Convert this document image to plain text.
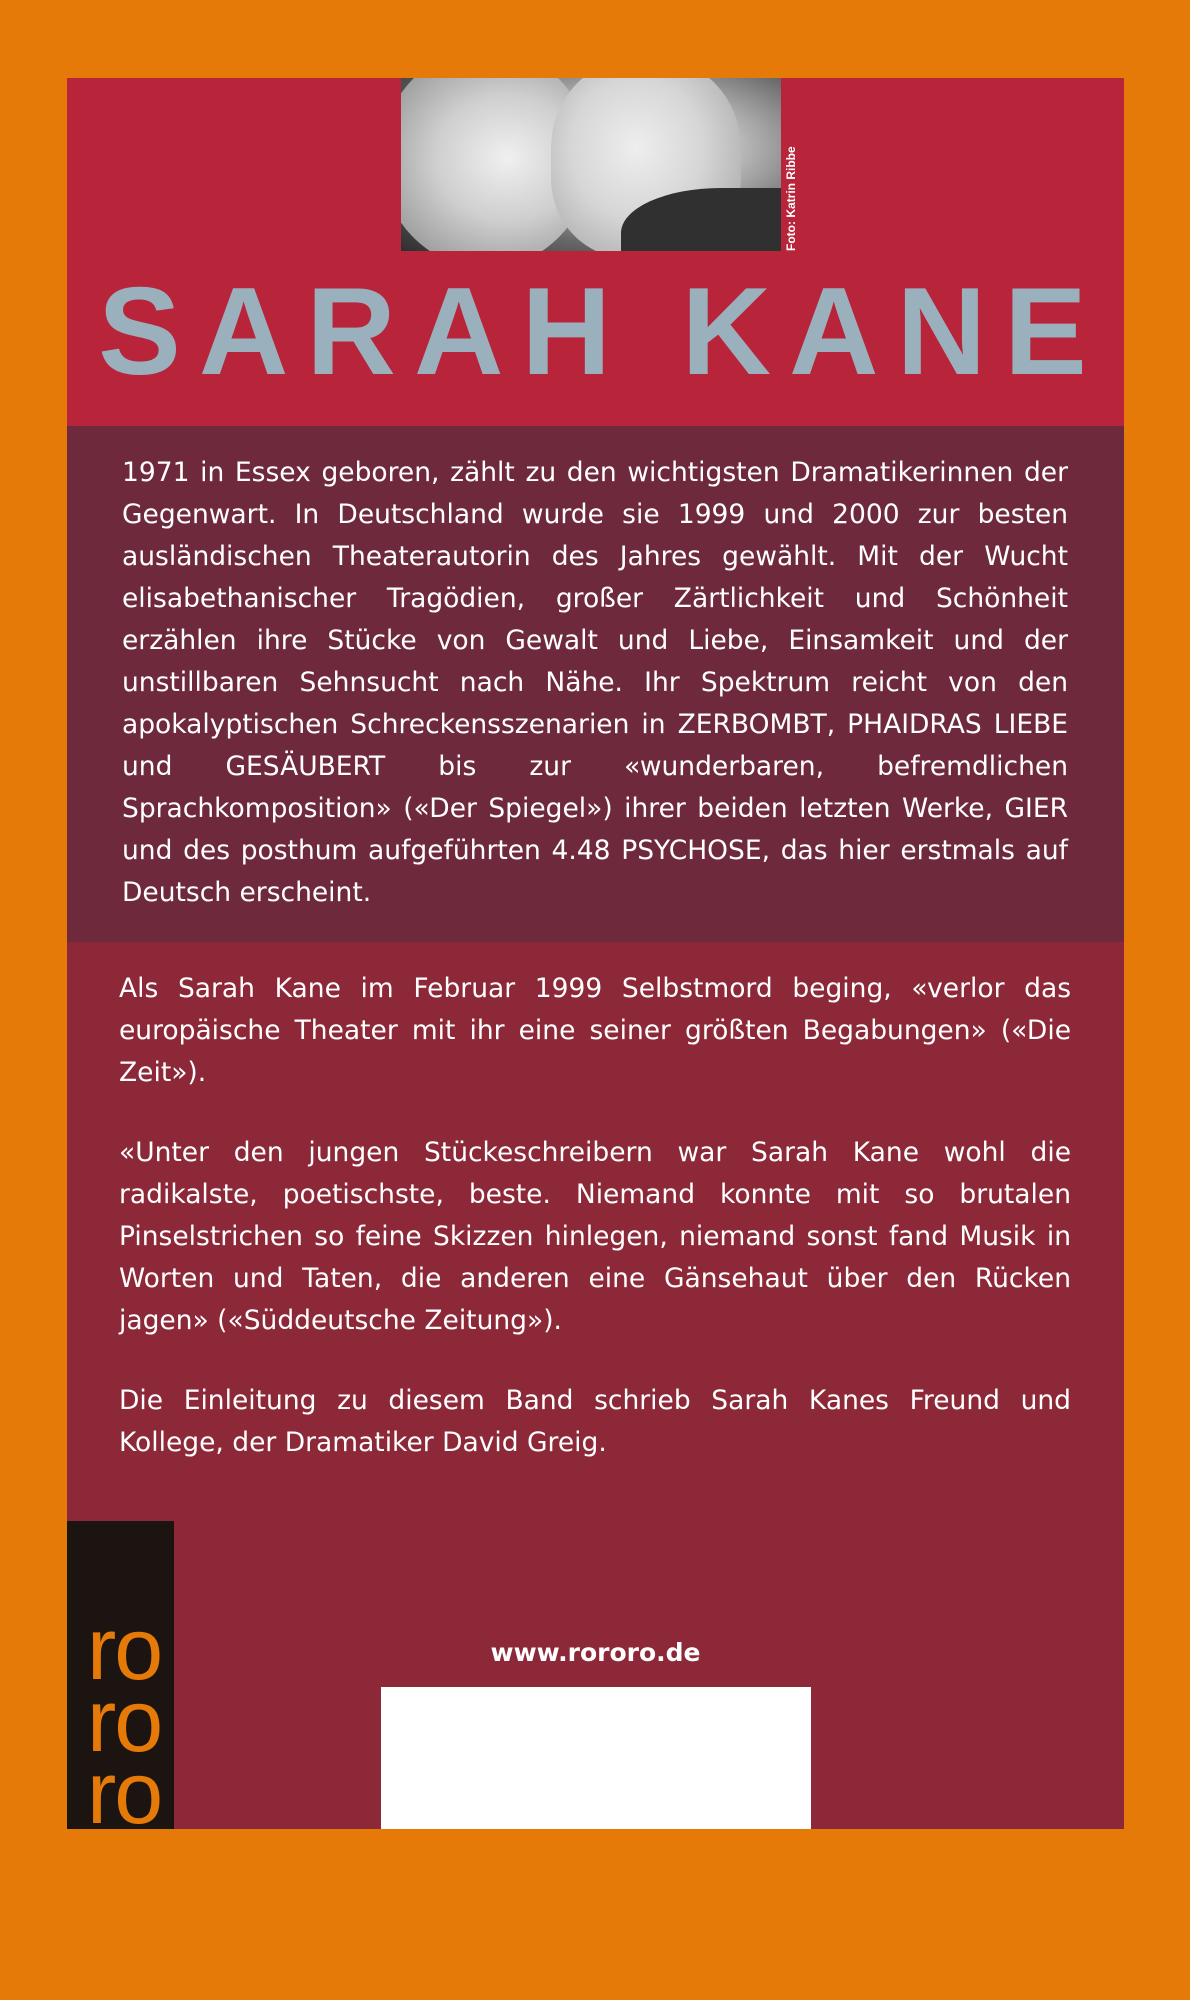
Foto: Katrin Ribbe
SARAH KANE

1971 in Essex geboren, zählt zu den wichtigsten Dramatikerinnen der Gegenwart. In Deutschland wurde sie 1999 und 2000 zur besten ausländischen Theaterautorin des Jahres gewählt. Mit der Wucht elisabethanischer Tragödien, großer Zärtlichkeit und Schönheit erzählen ihre Stücke von Gewalt und Liebe, Einsamkeit und der unstillbaren Sehnsucht nach Nähe. Ihr Spektrum reicht von den apokalyptischen Schreckensszenarien in ZERBOMBT, PHAIDRAS LIEBE und GESÄUBERT bis zur «wunderbaren, befremdlichen Sprachkomposition» («Der Spiegel») ihrer beiden letzten Werke, GIER und des posthum aufgeführten 4.48 PSYCHOSE, das hier erstmals auf Deutsch erscheint.

Als Sarah Kane im Februar 1999 Selbstmord beging, «verlor das europäische Theater mit ihr eine seiner größten Begabungen» («Die Zeit»).

«Unter den jungen Stückeschreibern war Sarah Kane wohl die radikalste, poetischste, beste. Niemand konnte mit so brutalen Pinselstrichen so feine Skizzen hinlegen, niemand sonst fand Musik in Worten und Taten, die anderen eine Gänsehaut über den Rücken jagen» («Süddeutsche Zeitung»).

Die Einleitung zu diesem Band schrieb Sarah Kanes Freund und Kollege, der Dramatiker David Greig.

ro
ro
ro
www.rororo.de
